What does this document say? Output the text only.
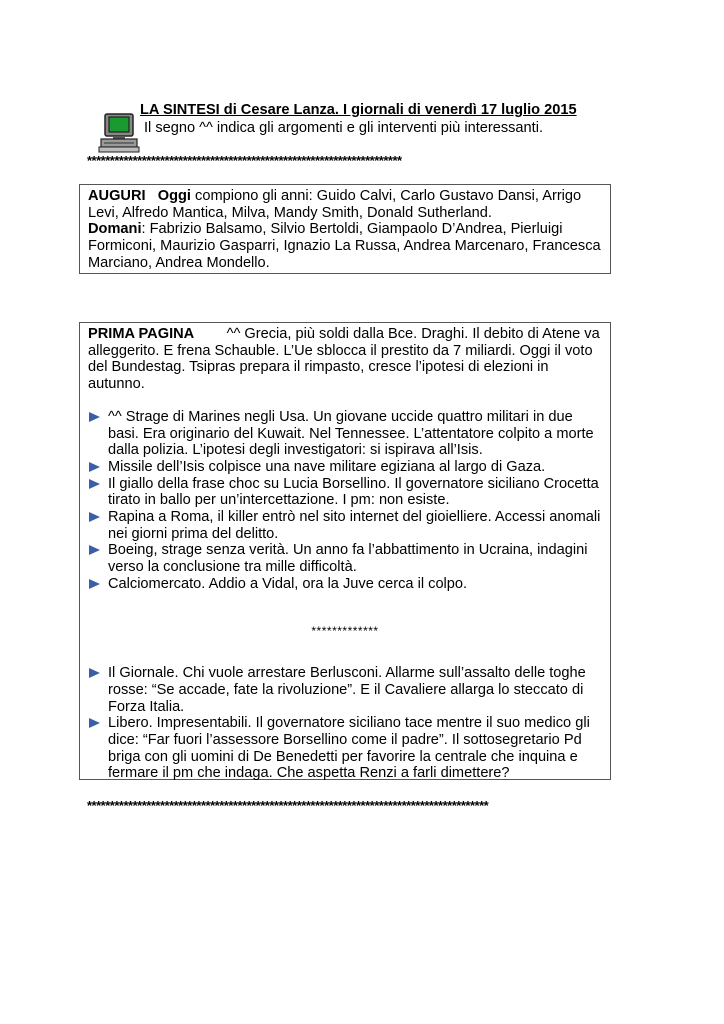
LA SINTESI di Cesare Lanza. I giornali di venerdì 17 luglio 2015
Il segno ^^ indica gli argomenti e gli interventi più interessanti.
*********************************************************************

AUGURI Oggi compiono gli anni: Guido Calvi, Carlo Gustavo Dansi, Arrigo Levi, Alfredo Mantica, Milva, Mandy Smith, Donald Sutherland.

Domani: Fabrizio Balsamo, Silvio Bertoldi, Giampaolo D’Andrea, Pierluigi Formiconi, Maurizio Gasparri, Ignazio La Russa, Andrea Marcenaro, Francesca Marciano, Andrea Mondello.

PRIMA PAGINA ^^ Grecia, più soldi dalla Bce. Draghi. Il debito di Atene va alleggerito. E frena Schauble. L’Ue sblocca il prestito da 7 miliardi. Oggi il voto del Bundestag. Tsipras prepara il rimpasto, cresce l’ipotesi di elezioni in autunno.

^^ Strage di Marines negli Usa. Un giovane uccide quattro militari in due basi. Era originario del Kuwait. Nel Tennessee. L’attentatore colpito a morte dalla polizia. L’ipotesi degli investigatori: si ispirava all’Isis.
Missile dell’Isis colpisce una nave militare egiziana al largo di Gaza.
Il giallo della frase choc su Lucia Borsellino. Il governatore siciliano Crocetta tirato in ballo per un’intercettazione. I pm: non esiste.
Rapina a Roma, il killer entrò nel sito internet del gioielliere. Accessi anomali nei giorni prima del delitto.
Boeing, strage senza verità. Un anno fa l’abbattimento in Ucraina, indagini verso la conclusione tra mille difficoltà.
Calciomercato. Addio a Vidal, ora la Juve cerca il colpo.

*************

Il Giornale. Chi vuole arrestare Berlusconi. Allarme sull’assalto delle toghe rosse: “Se accade, fate la rivoluzione”. E il Cavaliere allarga lo steccato di Forza Italia.
Libero. Impresentabili. Il governatore siciliano tace mentre il suo medico gli dice: “Far fuori l’assessore Borsellino come il padre”. Il sottosegretario Pd briga con gli uomini di De Benedetti per favorire la centrale che inquina e fermare il pm che indaga. Che aspetta Renzi a farli dimettere?
****************************************************************************************
